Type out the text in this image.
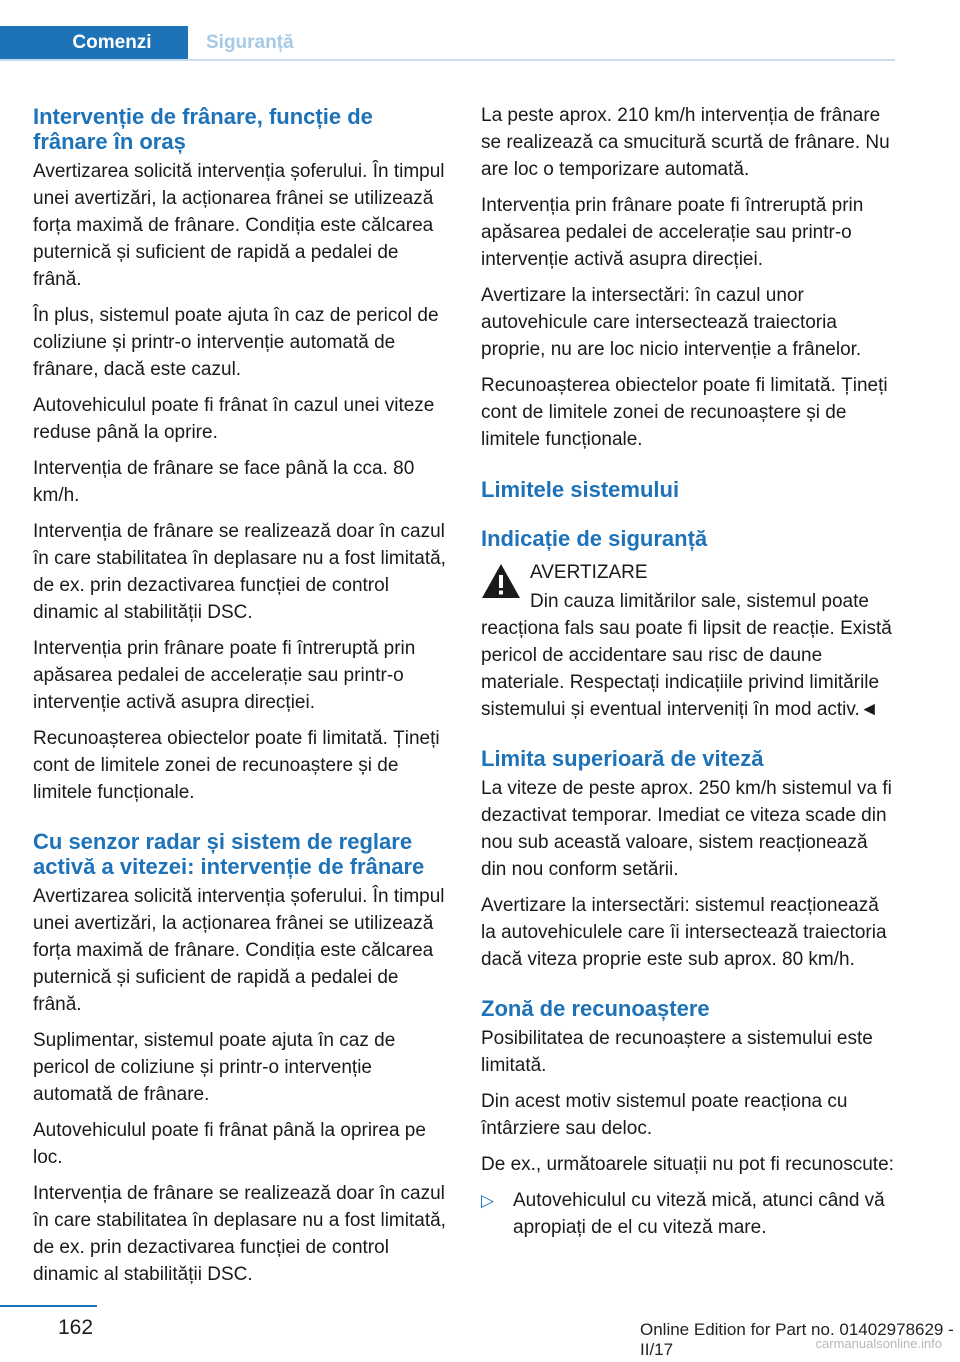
Comenzi	Siguranță
Intervenție de frânare, funcție de frânare în oraș

Avertizarea solicită intervenția șoferului. În timpul unei avertizări, la acționarea frânei se utilizează forța maximă de frânare. Condiția este călcarea puternică și suficient de rapidă a pedalei de frână.

În plus, sistemul poate ajuta în caz de pericol de coliziune și printr-o intervenție automată de frânare, dacă este cazul.

Autovehiculul poate fi frânat în cazul unei viteze reduse până la oprire.

Intervenția de frânare se face până la cca. 80 km/h.

Intervenția de frânare se realizează doar în cazul în care stabilitatea în deplasare nu a fost limitată, de ex. prin dezactivarea funcției de control dinamic al stabilității DSC.

Intervenția prin frânare poate fi întreruptă prin apăsarea pedalei de accelerație sau printr-o intervenție activă asupra direcției.

Recunoașterea obiectelor poate fi limitată. Țineți cont de limitele zonei de recunoaștere și de limitele funcționale.

Cu senzor radar și sistem de reglare activă a vitezei: intervenție de frânare

Avertizarea solicită intervenția șoferului. În timpul unei avertizări, la acționarea frânei se utilizează forța maximă de frânare. Condiția este călcarea puternică și suficient de rapidă a pedalei de frână.

Suplimentar, sistemul poate ajuta în caz de pericol de coliziune și printr-o intervenție automată de frânare.

Autovehiculul poate fi frânat până la oprirea pe loc.

Intervenția de frânare se realizează doar în cazul în care stabilitatea în deplasare nu a fost limitată, de ex. prin dezactivarea funcției de control dinamic al stabilității DSC.

La peste aprox. 210 km/h intervenția de frânare se realizează ca smucitură scurtă de frânare. Nu are loc o temporizare automată.

Intervenția prin frânare poate fi întreruptă prin apăsarea pedalei de accelerație sau printr-o intervenție activă asupra direcției.

Avertizare la intersectări: în cazul unor autovehicule care intersectează traiectoria proprie, nu are loc nicio intervenție a frânelor.

Recunoașterea obiectelor poate fi limitată. Țineți cont de limitele zonei de recunoaștere și de limitele funcționale.

Limitele sistemului
Indicație de siguranță

AVERTIZARE

Din cauza limitărilor sale, sistemul poate reacționa fals sau poate fi lipsit de reacție. Există pericol de accidentare sau risc de daune materiale. Respectați indicațiile privind limitările sistemului și eventual interveniți în mod activ.◄

Limita superioară de viteză

La viteze de peste aprox. 250 km/h sistemul va fi dezactivat temporar. Imediat ce viteza scade din nou sub această valoare, sistem reacționează din nou conform setării.

Avertizare la intersectări: sistemul reacționează la autovehiculele care îi intersectează traiectoria dacă viteza proprie este sub aprox. 80 km/h.

Zonă de recunoaștere

Posibilitatea de recunoaștere a sistemului este limitată.

Din acest motiv sistemul poate reacționa cu întârziere sau deloc.

De ex., următoarele situații nu pot fi recunoscute:

▷ Autovehiculul cu viteză mică, atunci când vă apropiați de el cu viteză mare.
162	Online Edition for Part no. 01402978629 - II/17	carmanualsonline.info
